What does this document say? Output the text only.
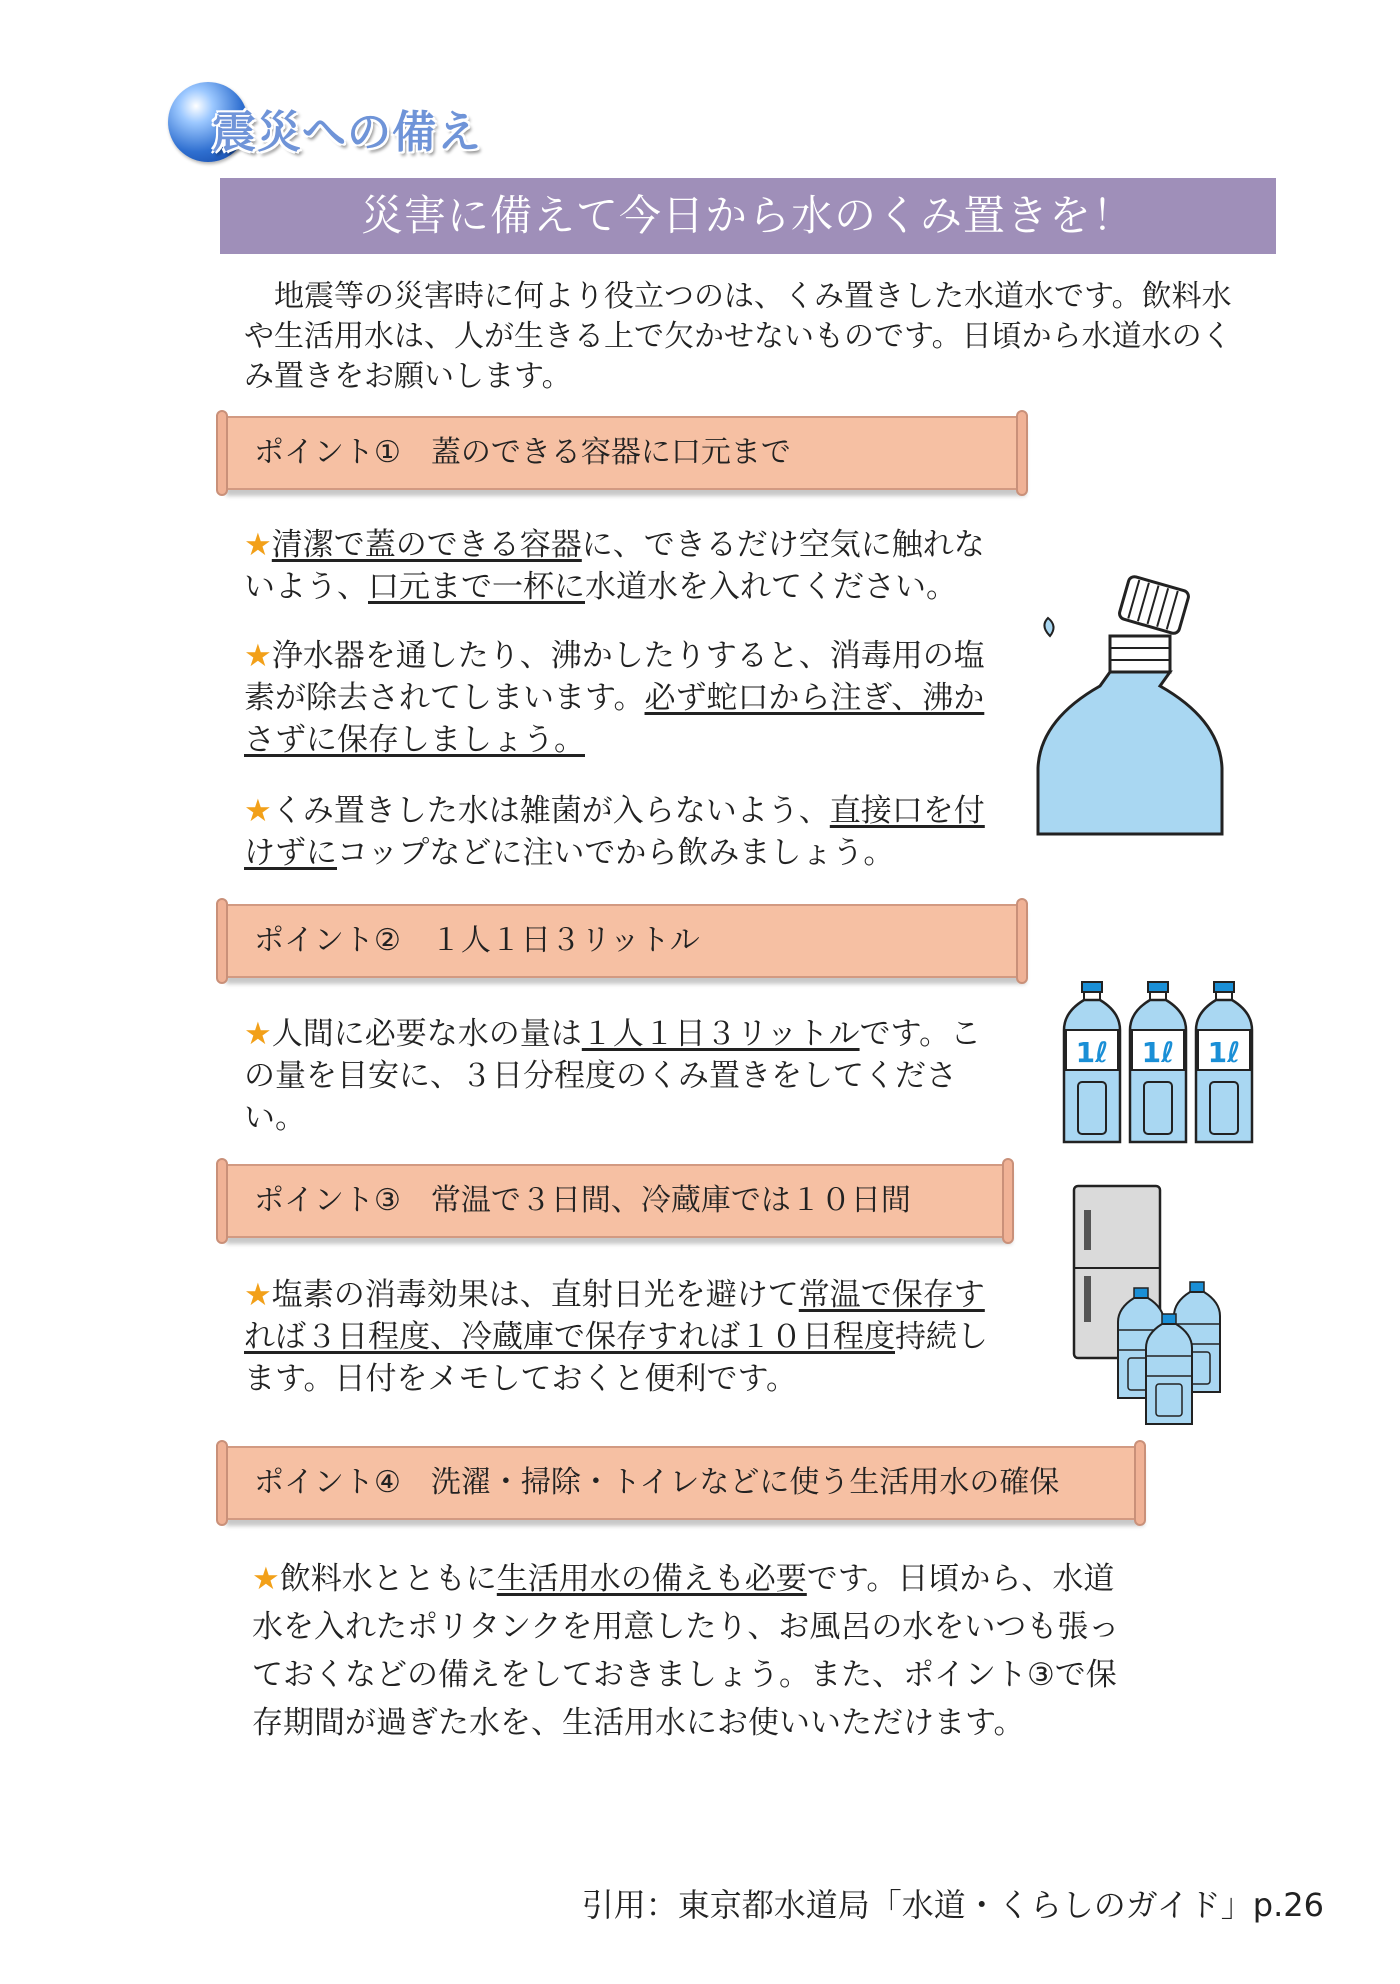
震災への備え
災害に備えて今日から水のくみ置きを！
地震等の災害時に何より役立つのは、くみ置きした水道水です。飲料水や生活用水は、人が生きる上で欠かせないものです。日頃から水道水のくみ置きをお願いします。
ポイント①　蓋のできる容器に口元まで
★清潔で蓋のできる容器に、できるだけ空気に触れないよう、口元まで一杯に水道水を入れてください。
★浄水器を通したり、沸かしたりすると、消毒用の塩素が除去されてしまいます。必ず蛇口から注ぎ、沸かさずに保存しましょう。
★くみ置きした水は雑菌が入らないよう、直接口を付けずにコップなどに注いでから飲みましょう。
ポイント②　１人１日３リットル
★人間に必要な水の量は１人１日３リットルです。この量を目安に、３日分程度のくみ置きをしてください。
1ℓ 1ℓ 1ℓ
ポイント③　常温で３日間、冷蔵庫では１０日間
★塩素の消毒効果は、直射日光を避けて常温で保存すれば３日程度、冷蔵庫で保存すれば１０日程度持続します。日付をメモしておくと便利です。
ポイント④　洗濯・掃除・トイレなどに使う生活用水の確保
★飲料水とともに生活用水の備えも必要です。日頃から、水道水を入れたポリタンクを用意したり、お風呂の水をいつも張っておくなどの備えをしておきましょう。また、ポイント③で保存期間が過ぎた水を、生活用水にお使いいただけます。
引用：東京都水道局「水道・くらしのガイド」p.26
